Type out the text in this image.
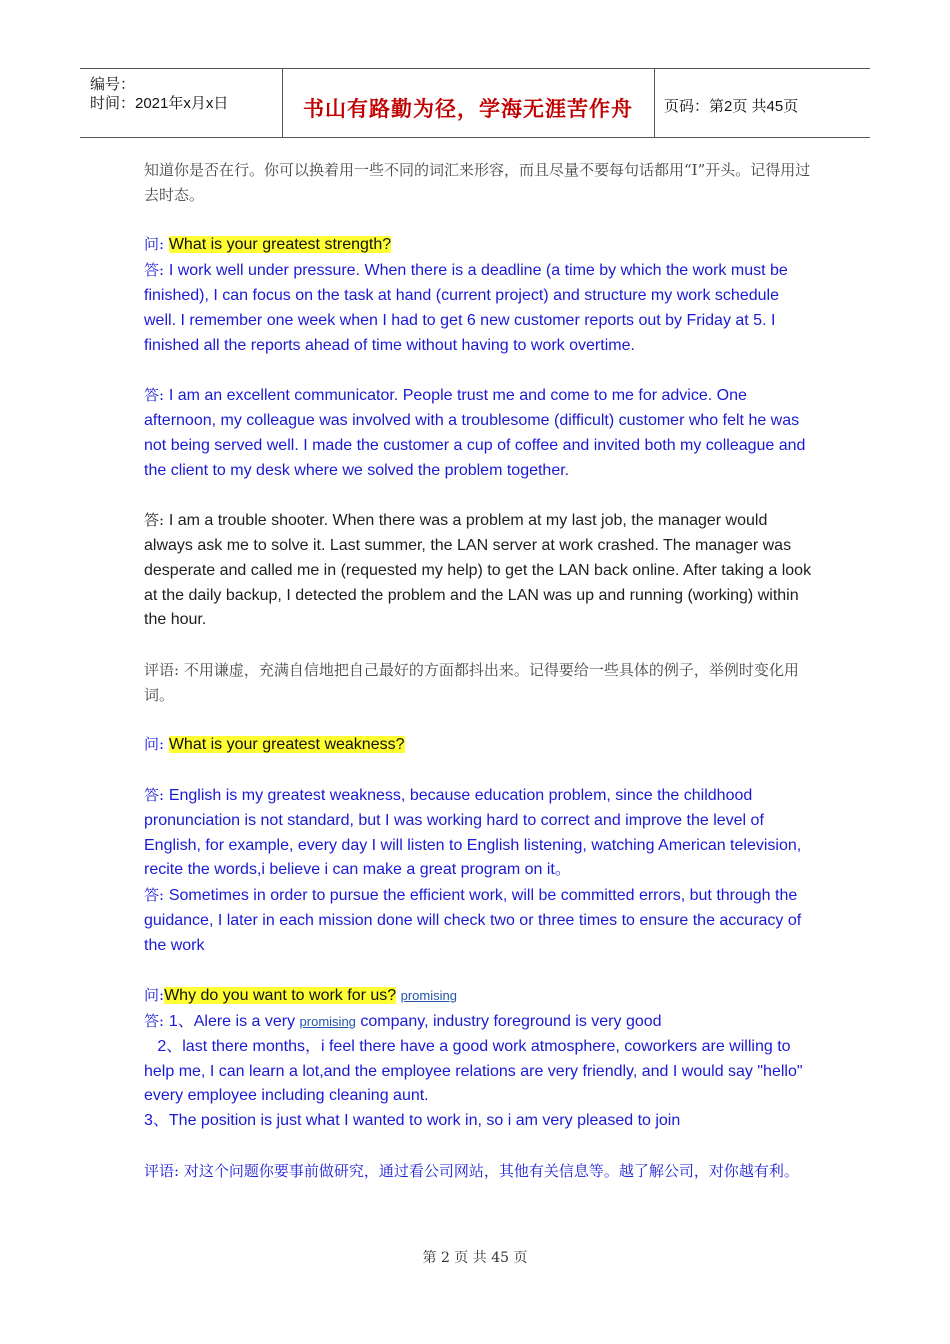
编号：
时间：2021年x月x日	书山有路勤为径，学海无涯苦作舟	页码：第2页 共45页

知道你是否在行。你可以换着用一些不同的词汇来形容，而且尽量不要每句话都用“I”开头。记得用过去时态。

问: What is your greatest strength?

答: I work well under pressure. When there is a deadline (a time by which the work must be finished), I can focus on the task at hand (current project) and structure my work schedule well. I remember one week when I had to get 6 new customer reports out by Friday at 5. I finished all the reports ahead of time without having to work overtime.

答: I am an excellent communicator. People trust me and come to me for advice. One afternoon, my colleague was involved with a troublesome (difficult) customer who felt he was not being served well. I made the customer a cup of coffee and invited both my colleague and the client to my desk where we solved the problem together.

答: I am a trouble shooter. When there was a problem at my last job, the manager would always ask me to solve it. Last summer, the LAN server at work crashed. The manager was desperate and called me in (requested my help) to get the LAN back online. After taking a look at the daily backup, I detected the problem and the LAN was up and running (working) within the hour.

评语: 不用谦虚，充满自信地把自己最好的方面都抖出来。记得要给一些具体的例子，举例时变化用词。

问: What is your greatest weakness?

答: English is my greatest weakness, because education problem, since the childhood pronunciation is not standard, but I was working hard to correct and improve the level of English, for example, every day I will listen to English listening, watching American television, recite the words,i believe i can make a great program on it。

答: Sometimes in order to pursue the efficient work, will be committed errors, but through the guidance, I later in each mission done will check two or three times to ensure the accuracy of the work

问:Why do you want to work for us? promising

答: 1、Alere is a very promising company, industry foreground is very good

2、last there months，i feel there have a good work atmosphere, coworkers are willing to help me, I can learn a lot,and the employee relations are very friendly, and I would say "hello" every employee including cleaning aunt.

3、The position is just what I wanted to work in, so i am very pleased to join

评语: 对这个问题你要事前做研究，通过看公司网站，其他有关信息等。越了解公司，对你越有利。

第 2 页 共 45 页
